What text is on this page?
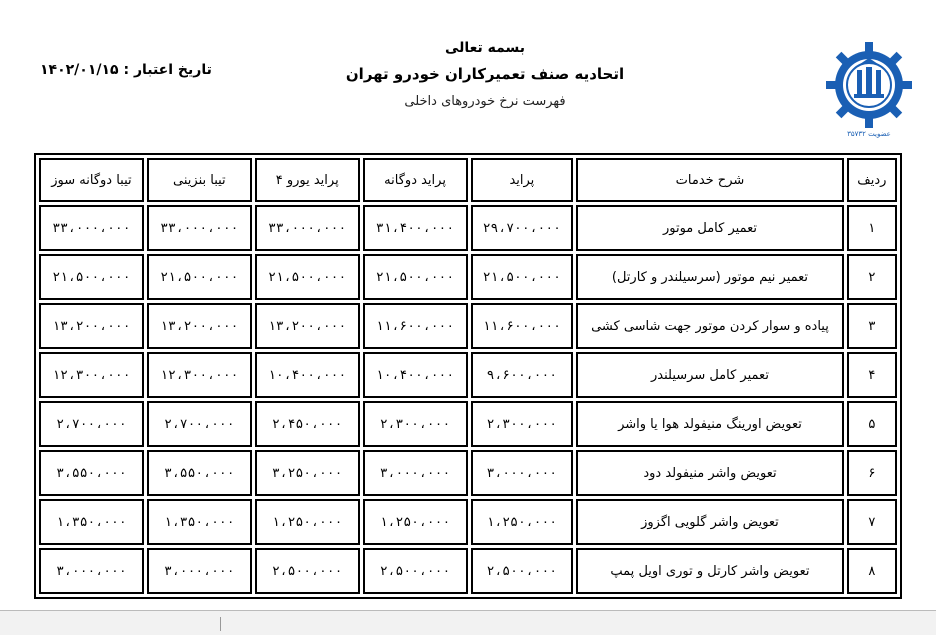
عضویت ۳۵۷۳۲
بسمه تعالی
اتحادیه صنف تعمیرکاران خودرو تهران
فهرست نرخ خودروهای داخلی
تاریخ اعتبار : ۱۴۰۲/۰۱/۱۵
ردیف	شرح خدمات	پراید	پراید دوگانه	پراید یورو ۴	تیبا بنزینی	تیبا دوگانه سوز
۱	تعمیر کامل موتور	۲۹،۷۰۰،۰۰۰	۳۱،۴۰۰،۰۰۰	۳۳،۰۰۰،۰۰۰	۳۳،۰۰۰،۰۰۰	۳۳،۰۰۰،۰۰۰
۲	تعمیر نیم موتور (سرسیلندر و کارتل)	۲۱،۵۰۰،۰۰۰	۲۱،۵۰۰،۰۰۰	۲۱،۵۰۰،۰۰۰	۲۱،۵۰۰،۰۰۰	۲۱،۵۰۰،۰۰۰
۳	پیاده و سوار کردن موتور جهت شاسی کشی	۱۱،۶۰۰،۰۰۰	۱۱،۶۰۰،۰۰۰	۱۳،۲۰۰،۰۰۰	۱۳،۲۰۰،۰۰۰	۱۳،۲۰۰،۰۰۰
۴	تعمیر کامل سرسیلندر	۹،۶۰۰،۰۰۰	۱۰،۴۰۰،۰۰۰	۱۰،۴۰۰،۰۰۰	۱۲،۳۰۰،۰۰۰	۱۲،۳۰۰،۰۰۰
۵	تعویض اورینگ منیفولد هوا یا واشر	۲،۳۰۰،۰۰۰	۲،۳۰۰،۰۰۰	۲،۴۵۰،۰۰۰	۲،۷۰۰،۰۰۰	۲،۷۰۰،۰۰۰
۶	تعویض واشر منیفولد دود	۳،۰۰۰،۰۰۰	۳،۰۰۰،۰۰۰	۳،۲۵۰،۰۰۰	۳،۵۵۰،۰۰۰	۳،۵۵۰،۰۰۰
۷	تعویض واشر گلویی اگزوز	۱،۲۵۰،۰۰۰	۱،۲۵۰،۰۰۰	۱،۲۵۰،۰۰۰	۱،۳۵۰،۰۰۰	۱،۳۵۰،۰۰۰
۸	تعویض واشر کارتل و توری اویل پمپ	۲،۵۰۰،۰۰۰	۲،۵۰۰،۰۰۰	۲،۵۰۰،۰۰۰	۳،۰۰۰،۰۰۰	۳،۰۰۰،۰۰۰
